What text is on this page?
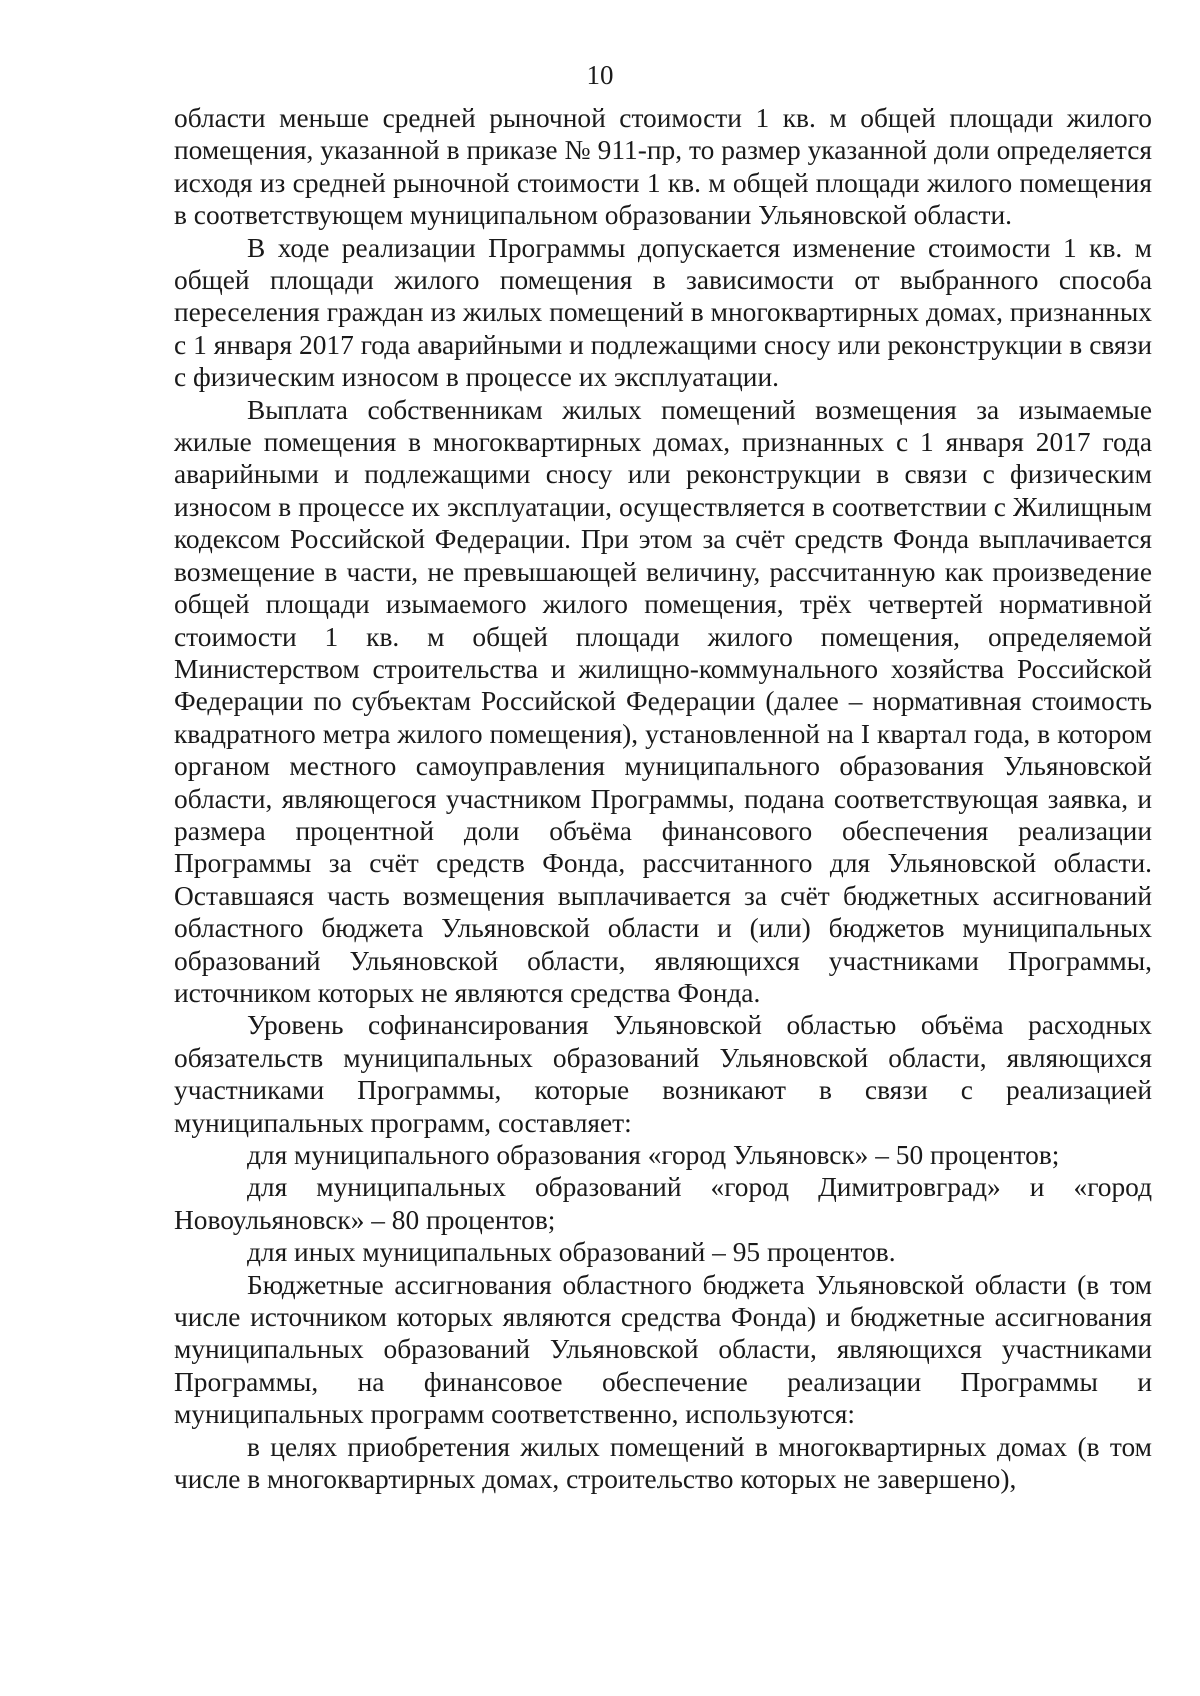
10

области меньше средней рыночной стоимости 1 кв. м общей площади жилого помещения, указанной в приказе № 911-пр, то размер указанной доли определяется исходя из средней рыночной стоимости 1 кв. м общей площади жилого помещения в соответствующем муниципальном образовании Ульяновской области.

В ходе реализации Программы допускается изменение стоимости 1 кв. м общей площади жилого помещения в зависимости от выбранного способа переселения граждан из жилых помещений в многоквартирных домах, признанных с 1 января 2017 года аварийными и подлежащими сносу или реконструкции в связи с физическим износом в процессе их эксплуатации.

Выплата собственникам жилых помещений возмещения за изымаемые жилые помещения в многоквартирных домах, признанных с 1 января 2017 года аварийными и подлежащими сносу или реконструкции в связи с физическим износом в процессе их эксплуатации, осуществляется в соответствии с Жилищным кодексом Российской Федерации. При этом за счёт средств Фонда выплачивается возмещение в части, не превышающей величину, рассчитанную как произведение общей площади изымаемого жилого помещения, трёх четвертей нормативной стоимости 1 кв. м общей площади жилого помещения, определяемой Министерством строительства и жилищно-коммунального хозяйства Российской Федерации по субъектам Российской Федерации (далее – нормативная стоимость квадратного метра жилого помещения), установленной на I квартал года, в котором органом местного самоуправления муниципального образования Ульяновской области, являющегося участником Программы, подана соответствующая заявка, и размера процентной доли объёма финансового обеспечения реализации Программы за счёт средств Фонда, рассчитанного для Ульяновской области. Оставшаяся часть возмещения выплачивается за счёт бюджетных ассигнований областного бюджета Ульяновской области и (или) бюджетов муниципальных образований Ульяновской области, являющихся участниками Программы, источником которых не являются средства Фонда.

Уровень софинансирования Ульяновской областью объёма расходных обязательств муниципальных образований Ульяновской области, являющихся участниками Программы, которые возникают в связи с реализацией муниципальных программ, составляет:

для муниципального образования «город Ульяновск» – 50 процентов;

для муниципальных образований «город Димитровград» и «город Новоульяновск» – 80 процентов;

для иных муниципальных образований – 95 процентов.

Бюджетные ассигнования областного бюджета Ульяновской области (в том числе источником которых являются средства Фонда) и бюджетные ассигнования муниципальных образований Ульяновской области, являющихся участниками Программы, на финансовое обеспечение реализации Программы и муниципальных программ соответственно, используются:

в целях приобретения жилых помещений в многоквартирных домах (в том числе в многоквартирных домах, строительство которых не завершено),
